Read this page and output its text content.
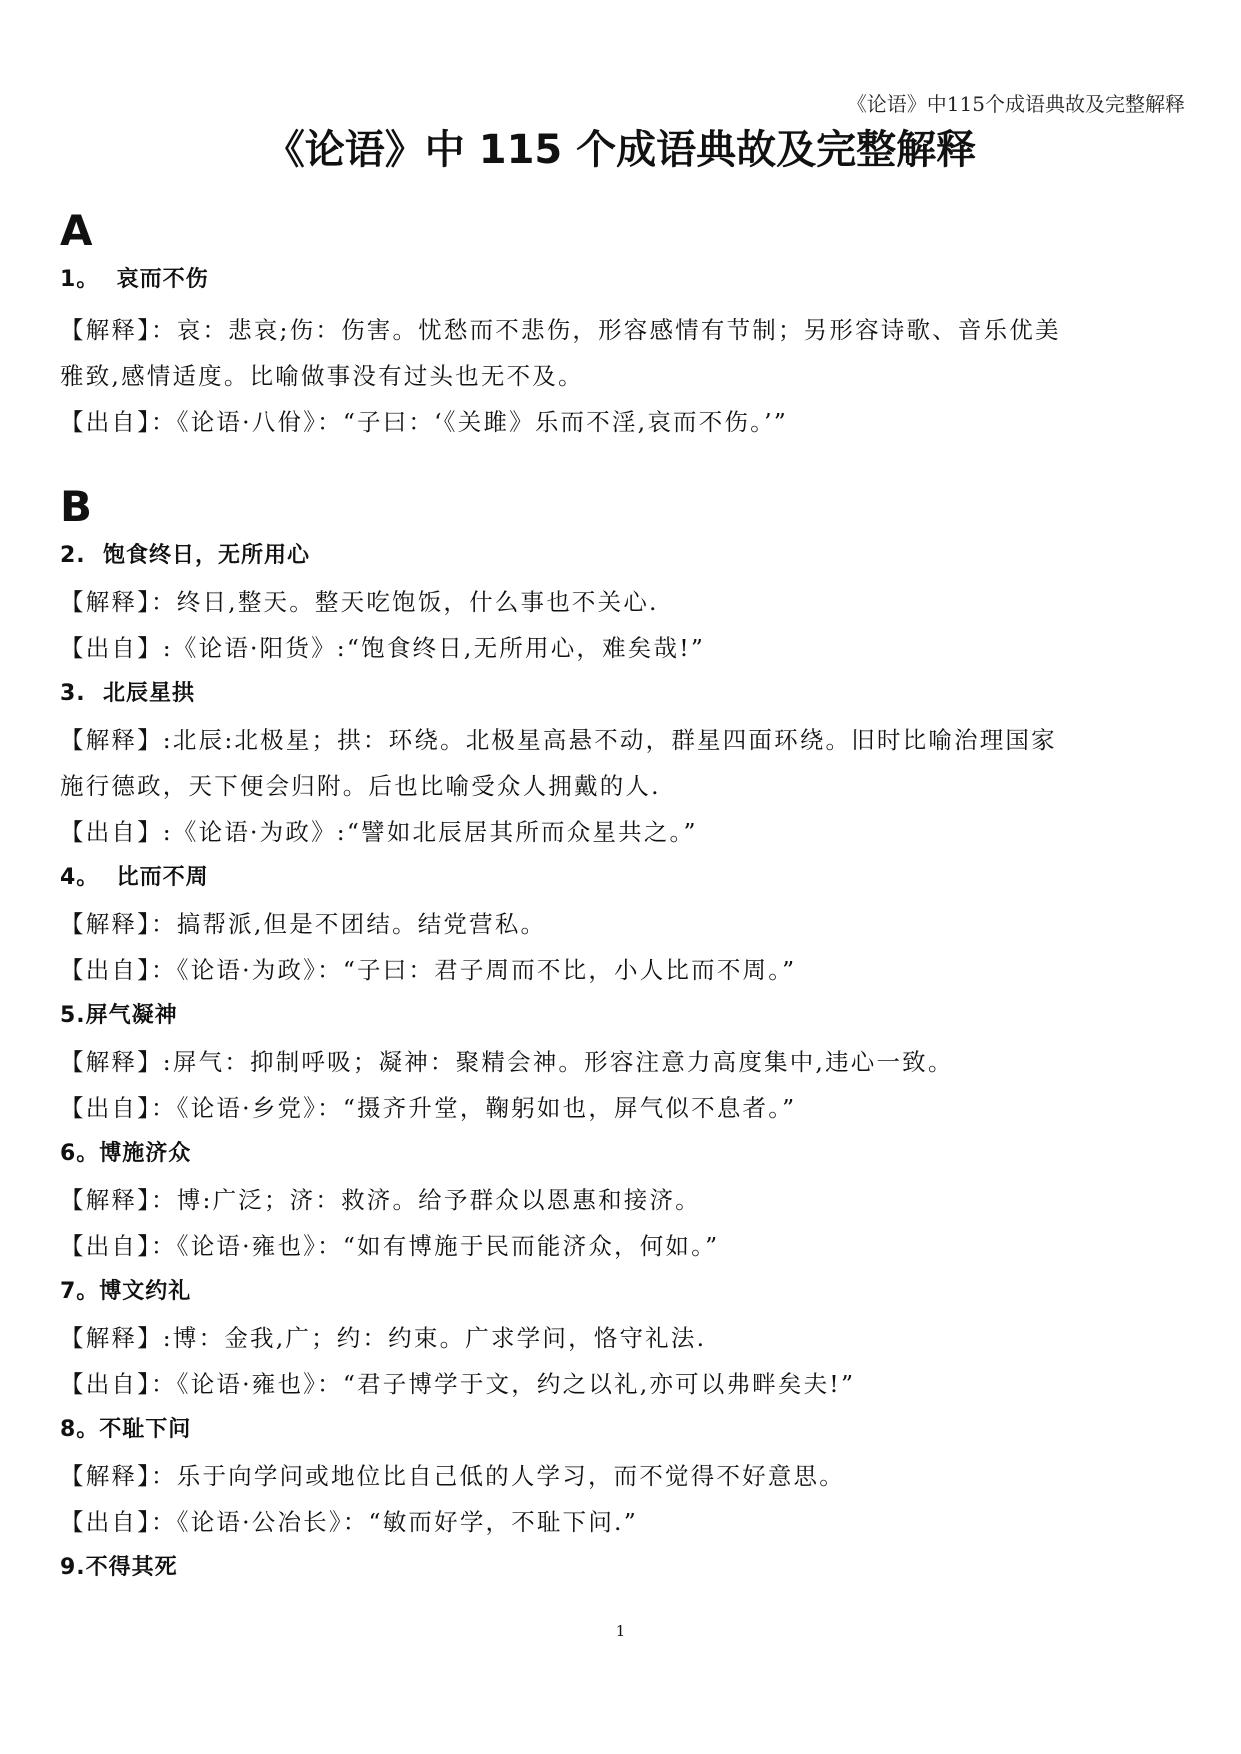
《论语》中115个成语典故及完整解释
《论语》中 115 个成语典故及完整解释
A
1。  哀而不伤
【解释】：哀：悲哀;伤：伤害。忧愁而不悲伤，形容感情有节制；另形容诗歌、音乐优美
雅致,感情适度。比喻做事没有过头也无不及。
【出自】：《论语·八佾》：“子曰：‘《关雎》乐而不淫,哀而不伤。’”
B
2.  饱食终日，无所用心
【解释】：终日,整天。整天吃饱饭，什么事也不关心.
【出自】:《论语·阳货》:“饱食终日,无所用心，难矣哉!”
3.  北辰星拱
【解释】:北辰:北极星；拱：环绕。北极星高悬不动，群星四面环绕。旧时比喻治理国家
施行德政，天下便会归附。后也比喻受众人拥戴的人.
【出自】:《论语·为政》:“譬如北辰居其所而众星共之。”
4。  比而不周
【解释】：搞帮派,但是不团结。结党营私。
【出自】：《论语·为政》：“子曰：君子周而不比，小人比而不周。”
5.屏气凝神
【解释】:屏气：抑制呼吸；凝神：聚精会神。形容注意力高度集中,违心一致。
【出自】：《论语·乡党》：“摄齐升堂，鞠躬如也，屏气似不息者。”
6。博施济众
【解释】：博:广泛；济：救济。给予群众以恩惠和接济。
【出自】：《论语·雍也》：“如有博施于民而能济众，何如。”
7。博文约礼
【解释】:博：金我,广；约：约束。广求学问，恪守礼法.
【出自】：《论语·雍也》：“君子博学于文，约之以礼,亦可以弗畔矣夫!”
8。不耻下问
【解释】：乐于向学问或地位比自己低的人学习，而不觉得不好意思。
【出自】：《论语·公冶长》：“敏而好学，不耻下问.”
9.不得其死
1
